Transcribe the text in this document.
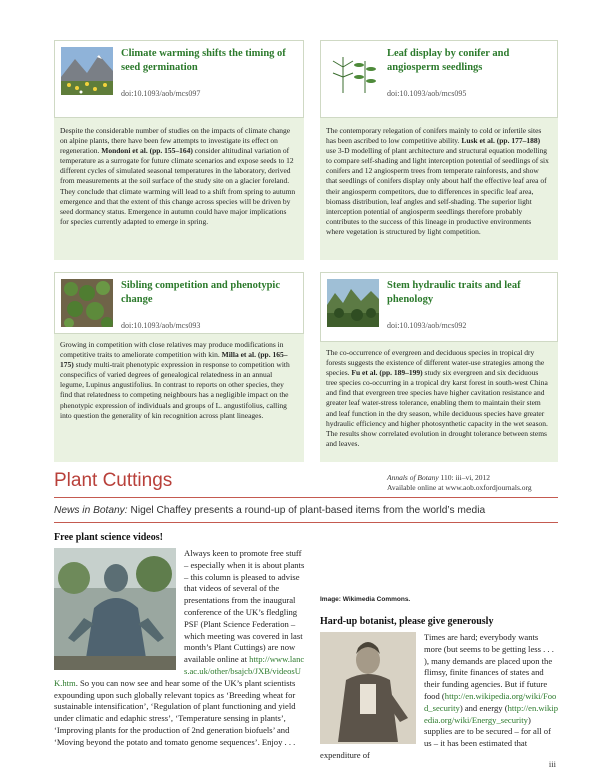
Climate warming shifts the timing of seed germination
doi:10.1093/aob/mcs097
Despite the considerable number of studies on the impacts of climate change on alpine plants, there have been few attempts to investigate its effect on regeneration. Mondoni et al. (pp. 155–164) consider altitudinal variation of temperature as a surrogate for future climate scenarios and expose seeds to 12 different cycles of simulated seasonal temperatures in the laboratory, derived from measurements at the soil surface of the study site on a glacier foreland. They conclude that climate warming will lead to a shift from spring to autumn emergence and that the extent of this change across species will be driven by seed dormancy status. Emergence in autumn could have major implications for species currently adapted to emerge in spring.
Leaf display by conifer and angiosperm seedlings
doi:10.1093/aob/mcs095
The contemporary relegation of conifers mainly to cold or infertile sites has been ascribed to low competitive ability. Lusk et al. (pp. 177–188) use 3-D modelling of plant architecture and structural equation modelling to compare self-shading and light interception potential of seedlings of six conifers and 12 angiosperm trees from temperate rainforests, and show that seedlings of conifers display only about half the effective leaf area of their angiosperm competitors, due to differences in specific leaf area, biomass distribution, leaf angles and self-shading. The superior light interception potential of angiosperm seedlings therefore probably contributes to the success of this lineage in productive environments where vegetation is structured by light competition.
Sibling competition and phenotypic change
doi:10.1093/aob/mcs093
Growing in competition with close relatives may produce modifications in competitive traits to ameliorate competition with kin. Milla et al. (pp. 165–175) study multi-trait phenotypic expression in response to competition with conspecifics of varied degrees of genealogical relatedness in an annual legume, Lupinus angustifolius. In contrast to reports on other species, they find that relatedness to competing neighbours has a negligible impact on the phenotypic expression of individuals and groups of L. angustifolius, calling into question the generality of kin recognition across plant lineages.
Stem hydraulic traits and leaf phenology
doi:10.1093/aob/mcs092
The co-occurrence of evergreen and deciduous species in tropical dry forests suggests the existence of different water-use strategies among the species. Fu et al. (pp. 189–199) study six evergreen and six deciduous tree species co-occurring in a tropical dry karst forest in south-west China and find that evergreen tree species have higher cavitation resistance and greater leaf water-stress tolerance, enabling them to maintain their stem and leaf function in the dry season, while deciduous species have greater hydraulic efficiency and higher photosynthetic capacity in the wet season. The results show correlated evolution in drought tolerance between stems and leaves.
Plant Cuttings	Annals of Botany 110: iii–vi, 2012
Available online at www.aob.oxfordjournals.org
News in Botany: Nigel Chaffey presents a round-up of plant-based items from the world’s media
Free plant science videos!
Always keen to promote free stuff – especially when it is about plants – this column is pleased to advise that videos of several of the presentations from the inaugural conference of the UK’s fledgling PSF (Plant Science Federation – which meeting was covered in last month’s Plant Cuttings) are now available online at http://www.lancs.ac.uk/other/bsajcb/JXB/videosUK.htm. So you can now see and hear some of the UK’s plant scientists expounding upon such globally relevant topics as ‘Breeding wheat for sustainable intensification’, ‘Regulation of plant functioning and yield under climatic and edaphic stress’, ‘Temperature sensing in plants’, ‘Improving plants for the production of 2nd generation biofuels’ and ‘Moving beyond the potato and tomato genome sequences’. Enjoy . . .
Image: Wikimedia Commons.
Hard-up botanist, please give generously
Times are hard; everybody wants more (but seems to be getting less . . . ), many demands are placed upon the flimsy, finite finances of states and their funding agencies. But if future food (http://en.wikipedia.org/wiki/Food_security) and energy (http://en.wikipedia.org/wiki/Energy_security) supplies are to be secured – for all of us – it has been estimated that expenditure of
iii
